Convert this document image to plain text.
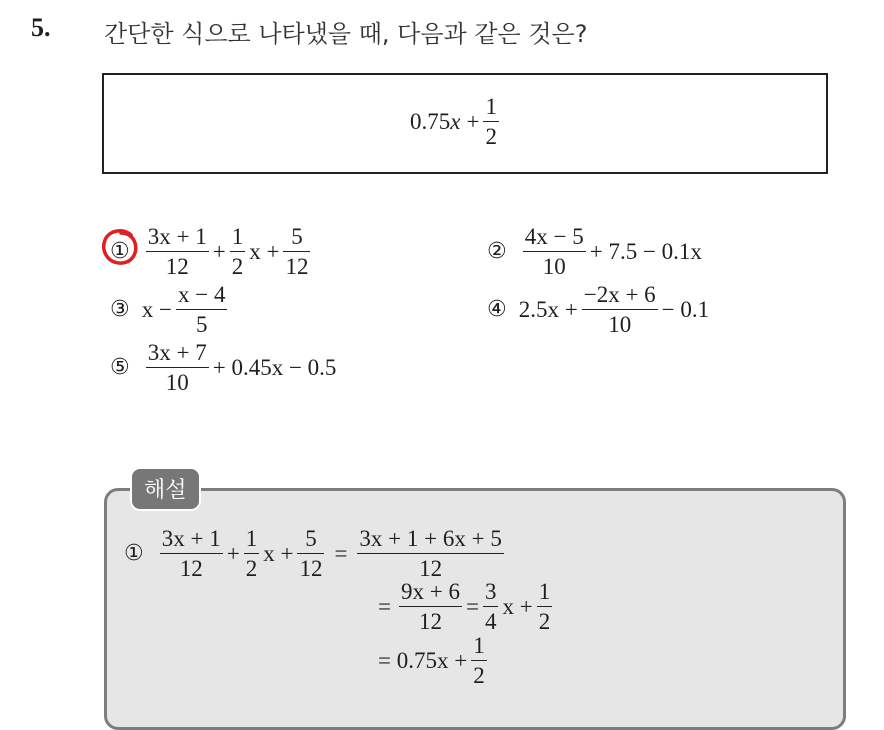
5. 간단한 식으로 나타냈을 때, 다음과 같은 것은?
0.75 $x + \frac{1}{2}$
① $\frac{3x + 1}{12} + \frac{1}{2}$ $x + \frac{5}{12}$	② $\frac{4x - 5}{10} + 7.5 - 0.1x$
③ $x - \frac{x - 4}{5}$	④ $2.5x + \frac{-2x + 6}{10} - 0.1$
⑤ $\frac{3x + 7}{10} + 0.45x - 0.5$
해설
① $\frac{3x + 1}{12} + \frac{1}{2}$ $x + \frac{5}{12} = \frac{3x + 1 + 6x + 5}{12}$
= $\frac{9x + 6}{12} = \frac{3}{4}$ $x + \frac{1}{2}$
= $0.75x + \frac{1}{2}$
